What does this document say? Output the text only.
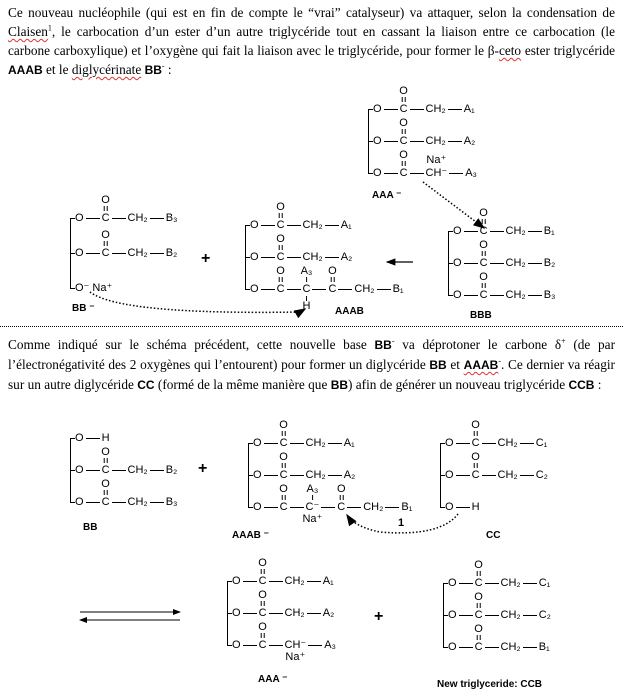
Ce nouveau nucléophile (qui est en fin de compte le “vrai” catalyseur) va attaquer, selon la condensation de Claisen$^1$, le carbocation d’un ester d’un autre triglycéride tout en cassant la liaison entre ce carbocation (le carbone carboxylique) et l’oxygène qui fait la liaison avec le triglycéride, pour former le β-ceto ester triglycéride AAAB et le diglycérinate BB- :
Comme indiqué sur le schéma précédent, cette nouvelle base BB- va déprotoner le carbone δ+ (de par l’électronégativité des 2 oxygènes qui l’entourent) pour former un diglycéride BB et AAAB-. Ce dernier va réagir sur un autre diglycéride CC (formé de la même manière que BB) afin de générer un nouveau triglycéride CCB :
O C
O
CH₂ A₁
O C
O
CH₂ A₂
O C
O
CH⁻
Na⁺
A₃
AAA ⁻
O C
O
CH₂ B₁
O C
O
CH₂ B₂
O C
O
CH₂ B₃
BBB
O C
O
CH₂ B₃
O C
O
CH₂ B₂
O⁻ Na⁺
BB ⁻
+
O C
O
CH₂ A₁
O C
O
CH₂ A₂
O C
O
C
A₃
H
C
O
CH₂ B₁
AAAB
O H
O C
O
CH₂ B₂
O C
O
CH₂ B₃
BB
+
O C
O
CH₂ A₁
O C
O
CH₂ A₂
O C
O
C⁻
A₃
Na⁺
C
O
CH₂ B₁
AAAB ⁻
O C
O
CH₂ C₁
O C
O
CH₂ C₂
O H
CC
1
O C
O
CH₂ A₁
O C
O
CH₂ A₂
O C
O
CH⁻
Na⁺
A₃
AAA ⁻
+
O C
O
CH₂ C₁
O C
O
CH₂ C₂
O C
O
CH₂ B₁
New triglyceride: CCB
